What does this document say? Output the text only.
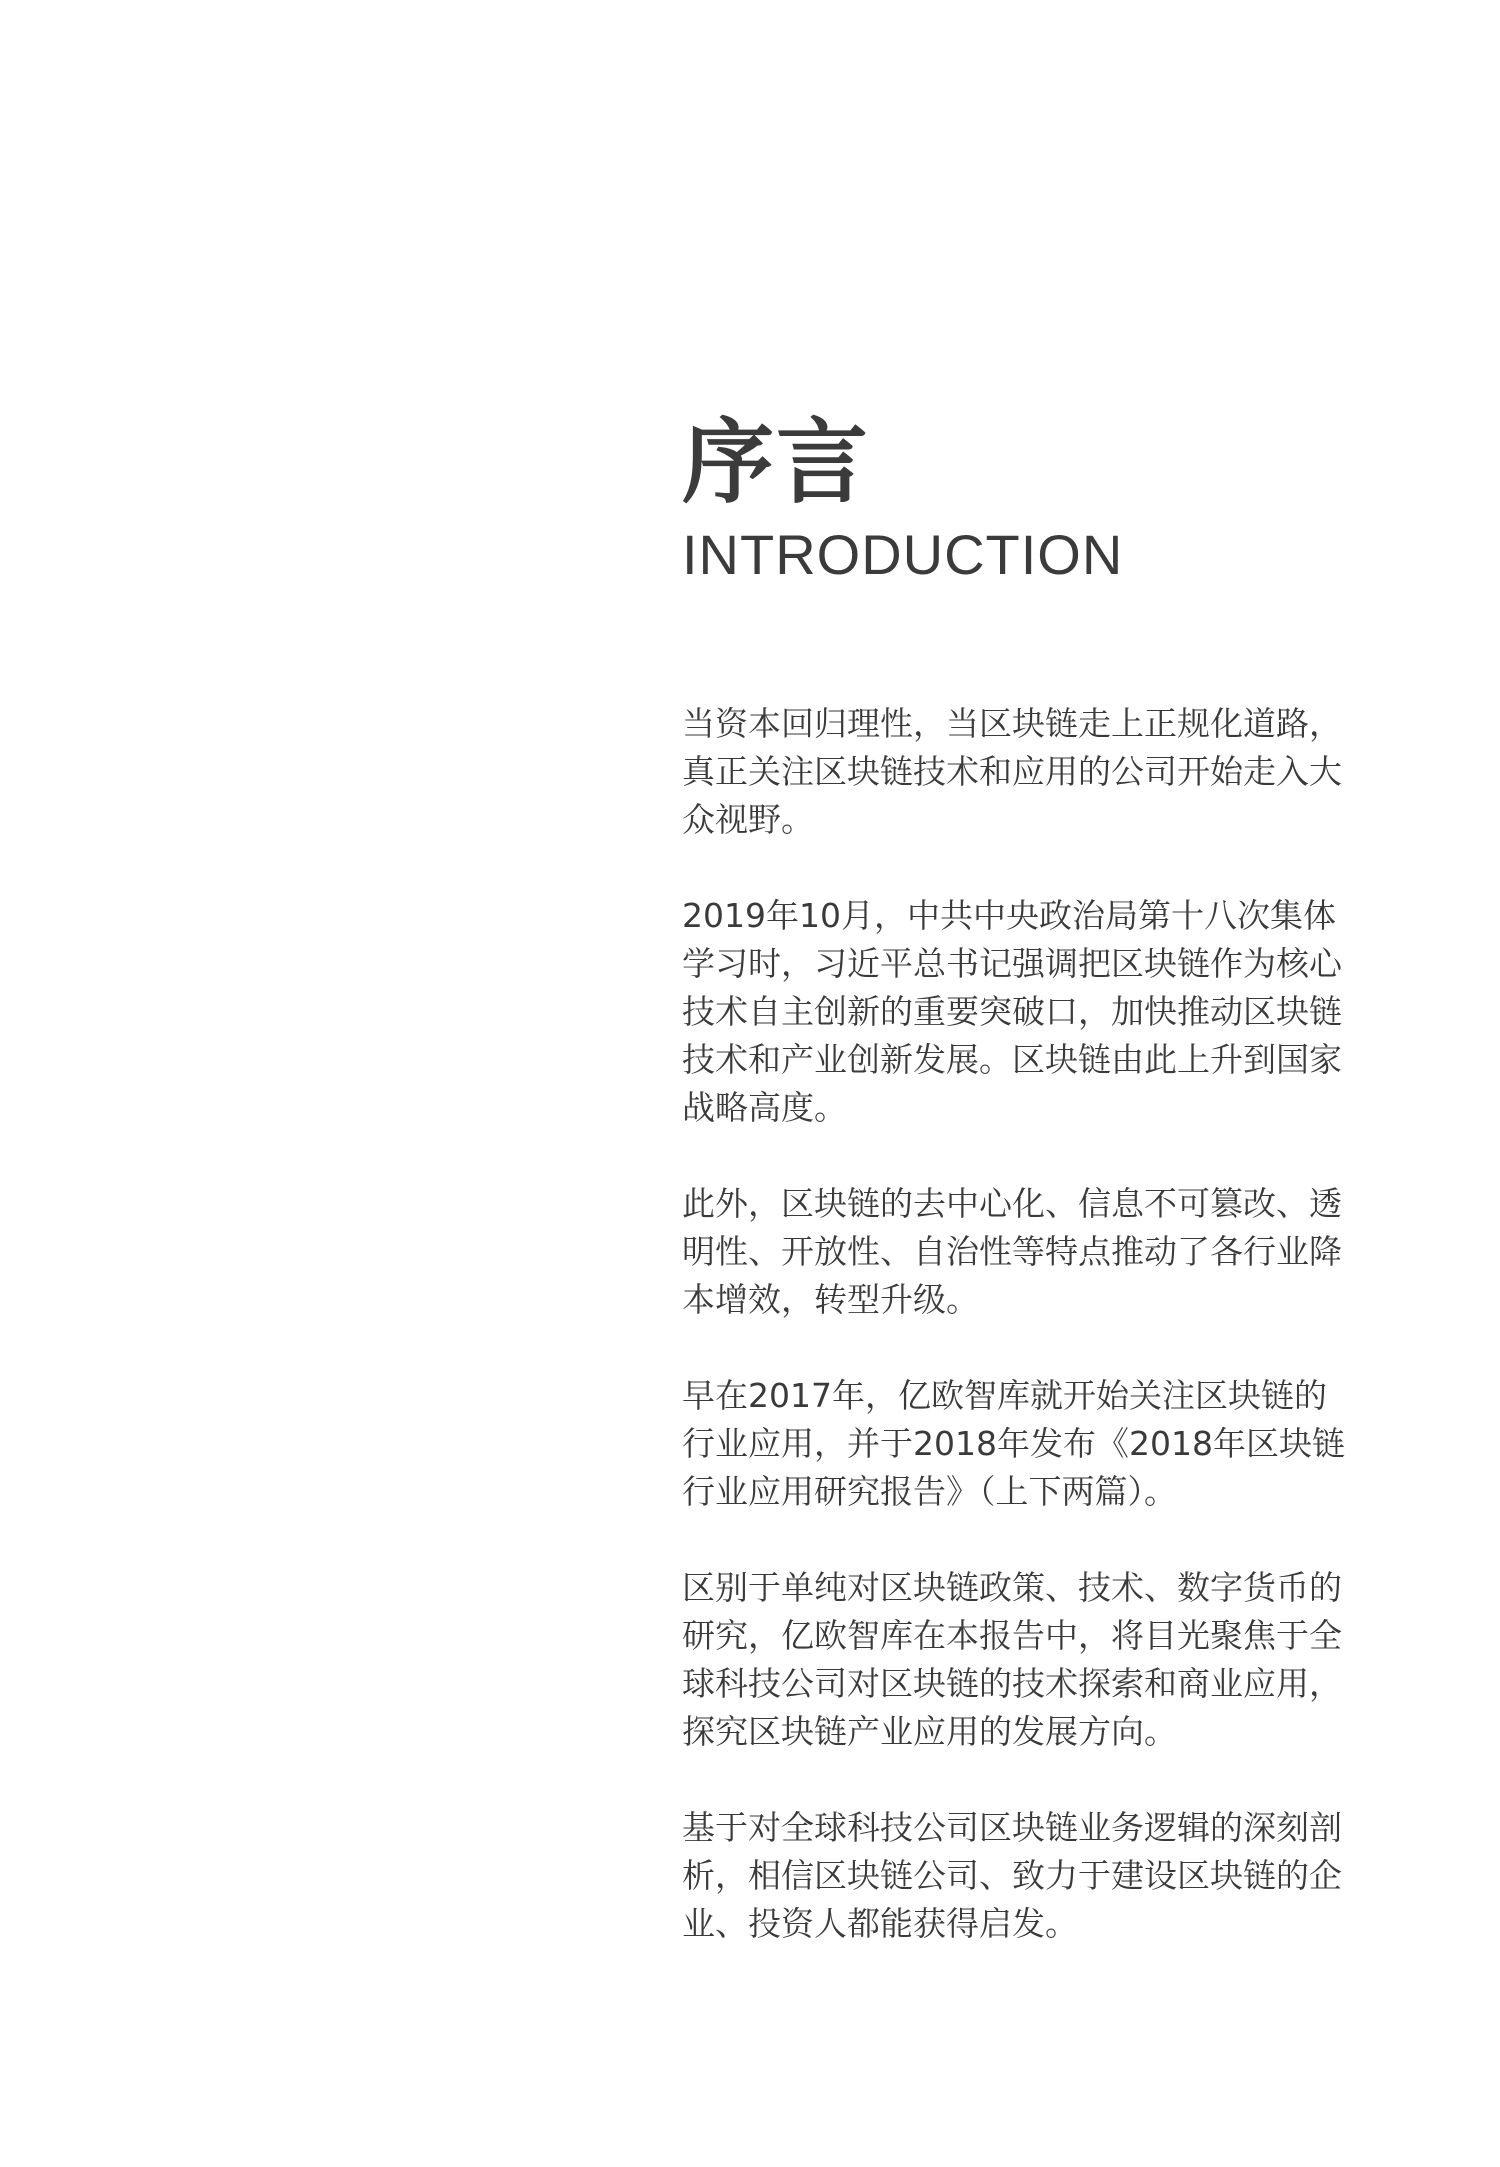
序言
INTRODUCTION

当资本回归理性，当区块链走上正规化道路，
真正关注区块链技术和应用的公司开始走入大
众视野。

2019年10月，中共中央政治局第十八次集体
学习时，习近平总书记强调把区块链作为核心
技术自主创新的重要突破口，加快推动区块链
技术和产业创新发展。区块链由此上升到国家
战略高度。

此外，区块链的去中心化、信息不可篡改、透
明性、开放性、自治性等特点推动了各行业降
本增效，转型升级。

早在2017年，亿欧智库就开始关注区块链的
行业应用，并于2018年发布《2018年区块链
行业应用研究报告》（上下两篇）。

区别于单纯对区块链政策、技术、数字货币的
研究，亿欧智库在本报告中，将目光聚焦于全
球科技公司对区块链的技术探索和商业应用，
探究区块链产业应用的发展方向。

基于对全球科技公司区块链业务逻辑的深刻剖
析，相信区块链公司、致力于建设区块链的企
业、投资人都能获得启发。
